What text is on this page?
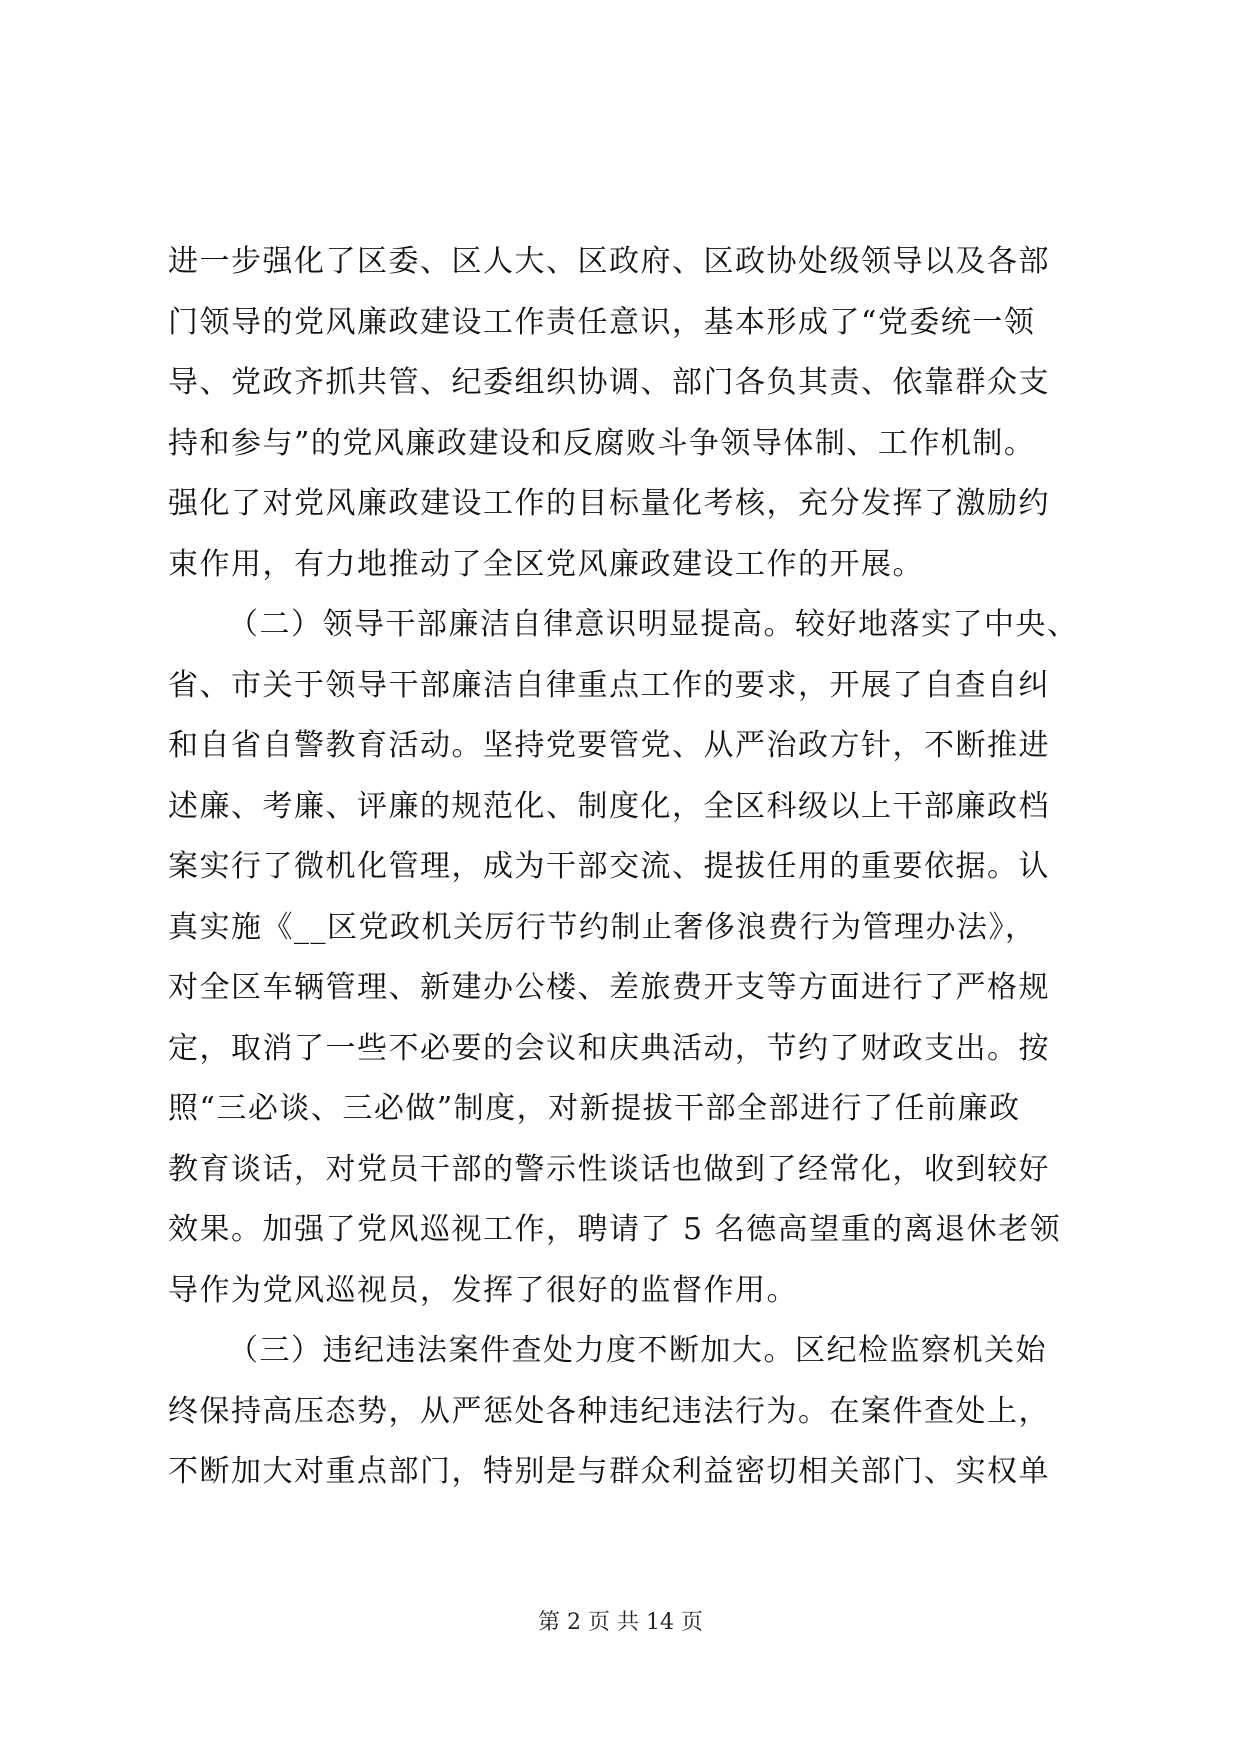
进一步强化了区委、区人大、区政府、区政协处级领导以及各部
门领导的党风廉政建设工作责任意识，基本形成了“党委统一领
导、党政齐抓共管、纪委组织协调、部门各负其责、依靠群众支
持和参与”的党风廉政建设和反腐败斗争领导体制、工作机制。
强化了对党风廉政建设工作的目标量化考核，充分发挥了激励约
束作用，有力地推动了全区党风廉政建设工作的开展。
（二）领导干部廉洁自律意识明显提高。较好地落实了中央、
省、市关于领导干部廉洁自律重点工作的要求，开展了自查自纠
和自省自警教育活动。坚持党要管党、从严治政方针，不断推进
述廉、考廉、评廉的规范化、制度化，全区科级以上干部廉政档
案实行了微机化管理，成为干部交流、提拔任用的重要依据。认
真实施《__区党政机关厉行节约制止奢侈浪费行为管理办法》，
对全区车辆管理、新建办公楼、差旅费开支等方面进行了严格规
定，取消了一些不必要的会议和庆典活动，节约了财政支出。按
照“三必谈、三必做”制度，对新提拔干部全部进行了任前廉政
教育谈话，对党员干部的警示性谈话也做到了经常化，收到较好
效果。加强了党风巡视工作，聘请了 5 名德高望重的离退休老领
导作为党风巡视员，发挥了很好的监督作用。
（三）违纪违法案件查处力度不断加大。区纪检监察机关始
终保持高压态势，从严惩处各种违纪违法行为。在案件查处上，
不断加大对重点部门，特别是与群众利益密切相关部门、实权单
第 2 页 共 14 页
